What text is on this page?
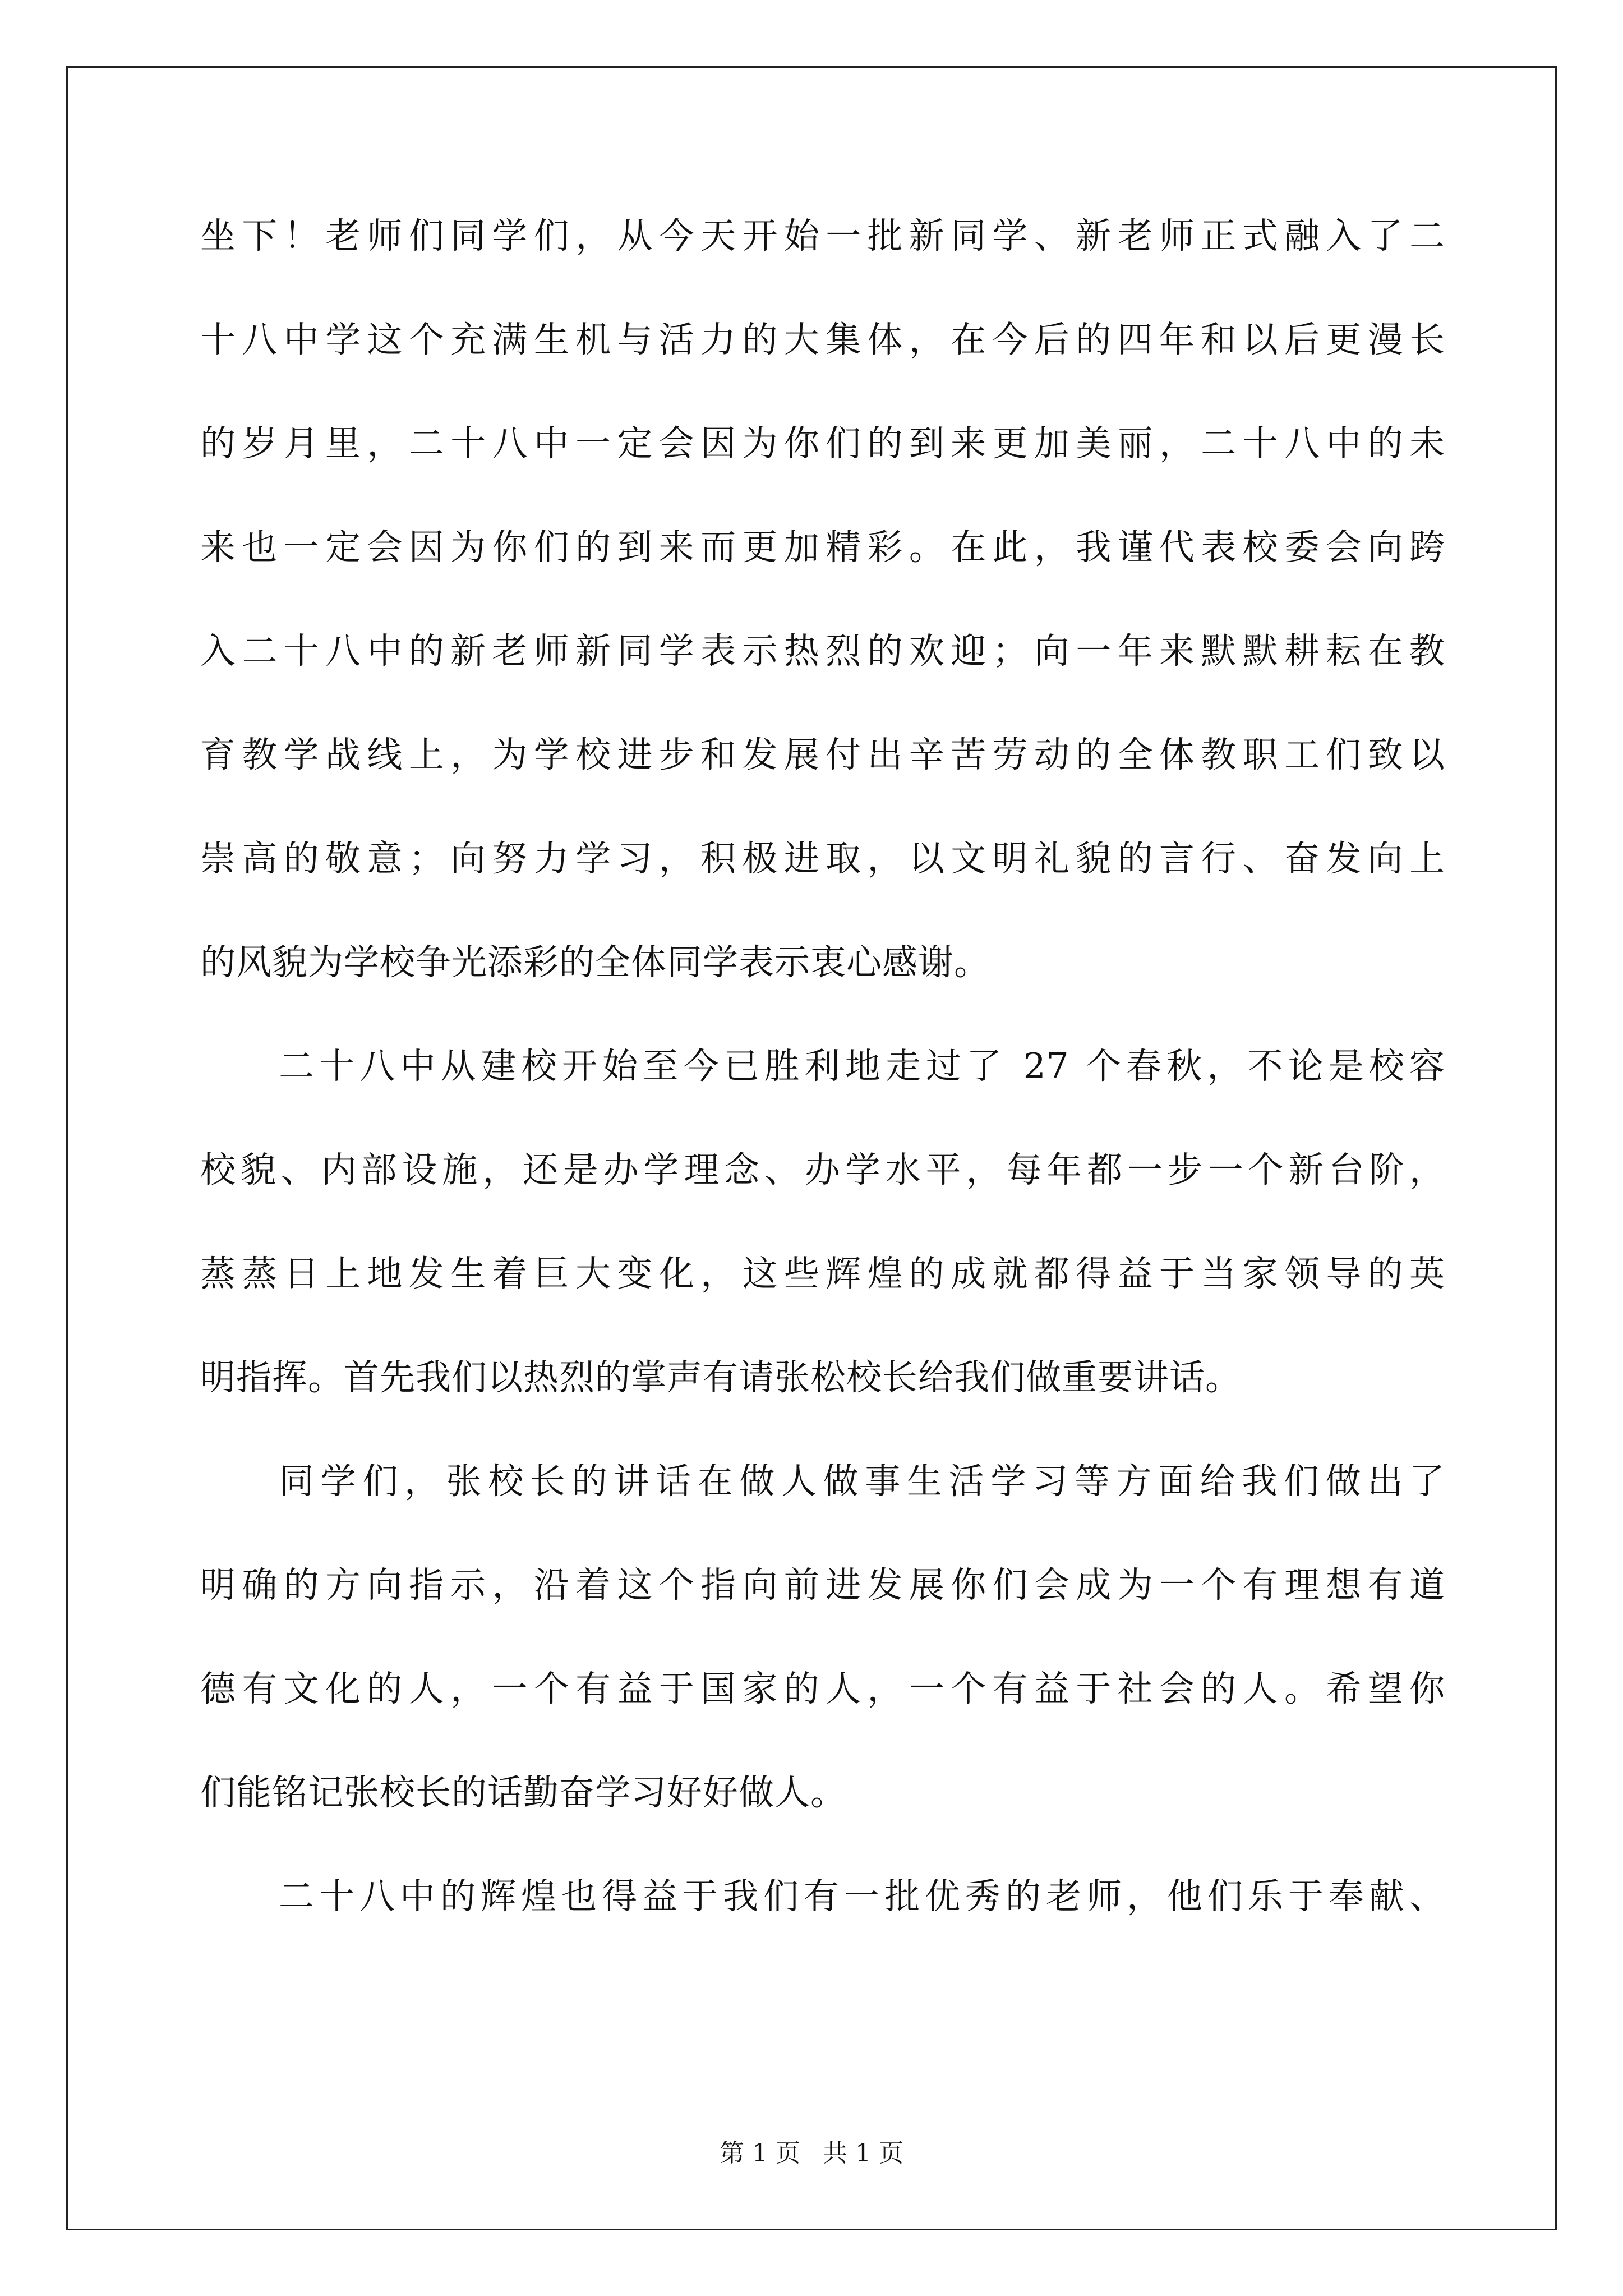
坐下！老师们同学们，从今天开始一批新同学、新老师正式融入了二
十八中学这个充满生机与活力的大集体，在今后的四年和以后更漫长
的岁月里，二十八中一定会因为你们的到来更加美丽，二十八中的未
来也一定会因为你们的到来而更加精彩。在此，我谨代表校委会向跨
入二十八中的新老师新同学表示热烈的欢迎；向一年来默默耕耘在教
育教学战线上，为学校进步和发展付出辛苦劳动的全体教职工们致以
崇高的敬意；向努力学习，积极进取，以文明礼貌的言行、奋发向上
的风貌为学校争光添彩的全体同学表示衷心感谢。
二十八中从建校开始至今已胜利地走过了 27 个春秋，不论是校容
校貌、内部设施，还是办学理念、办学水平，每年都一步一个新台阶，
蒸蒸日上地发生着巨大变化，这些辉煌的成就都得益于当家领导的英
明指挥。首先我们以热烈的掌声有请张松校长给我们做重要讲话。
同学们，张校长的讲话在做人做事生活学习等方面给我们做出了
明确的方向指示，沿着这个指向前进发展你们会成为一个有理想有道
德有文化的人，一个有益于国家的人，一个有益于社会的人。希望你
们能铭记张校长的话勤奋学习好好做人。
二十八中的辉煌也得益于我们有一批优秀的老师，他们乐于奉献、
第 1 页 共 1 页
